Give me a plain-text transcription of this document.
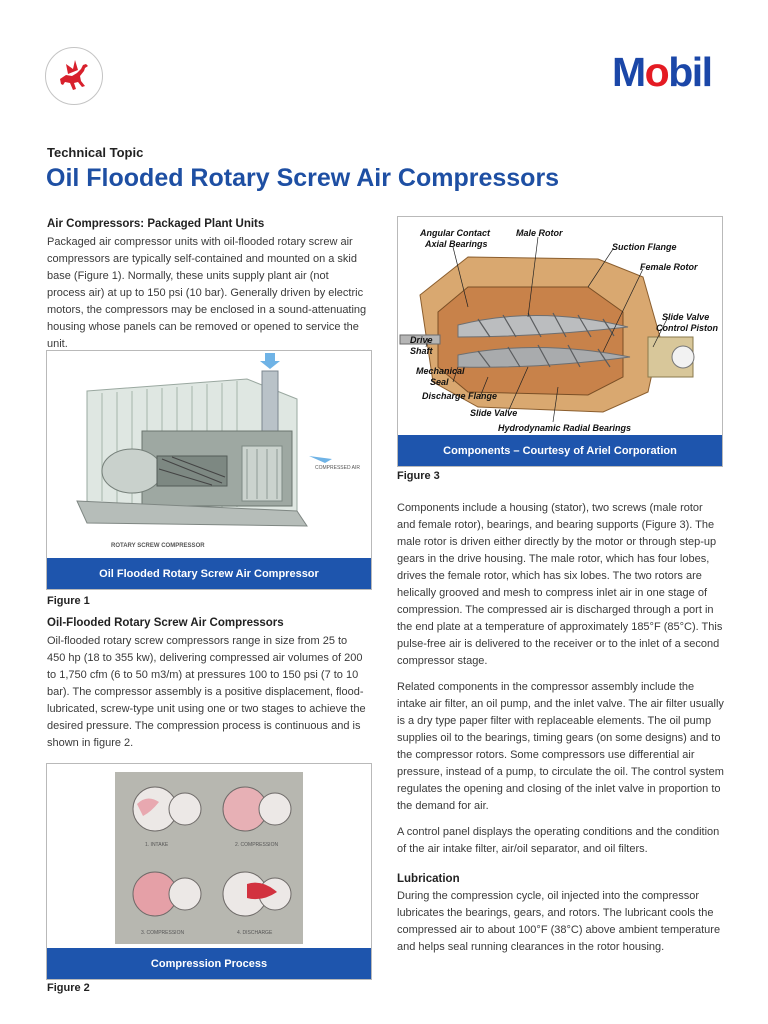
Mobil
Technical Topic
Oil Flooded Rotary Screw Air Compressors
Air Compressors: Packaged Plant Units

Packaged air compressor units with oil-flooded rotary screw air compressors are typically self-contained and mounted on a skid base (Figure 1). Normally, these units supply plant air (not process air) at up to 150 psi (10 bar). Generally driven by electric motors, the compressors may be enclosed in a sound-attenuating housing whose panels can be removed or opened to service the unit.

COMPRESSED AIR
ROTARY SCREW COMPRESSOR
Oil Flooded Rotary Screw Air Compressor
Figure 1
Oil-Flooded Rotary Screw Air Compressors

Oil-flooded rotary screw compressors range in size from 25 to 450 hp (18 to 355 kw), delivering compressed air volumes of 200 to 1,750 cfm (6 to 50 m3/m) at pressures 100 to 150 psi (7 to 10 bar). The compressor assembly is a positive displacement, flood- lubricated, screw-type unit using one or two stages to achieve the desired pressure. The compression process is continuous and is shown in figure 2.

1. INTAKE	2. COMPRESSION
3. COMPRESSION	4. DISCHARGE
Compression Process
Figure 2
Angular Contact
Axial Bearings
Male Rotor
Suction Flange
Female Rotor
Slide Valve
Control Piston
Drive
Shaft
Mechanical
Seal
Discharge Flange
Slide Valve
Hydrodynamic Radial Bearings
Components – Courtesy of Ariel Corporation
Figure 3

Components include a housing (stator), two screws (male rotor and female rotor), bearings, and bearing supports (Figure 3). The male rotor is driven either directly by the motor or through step-up gears in the drive housing. The male rotor, which has four lobes, drives the female rotor, which has six lobes. The two rotors are helically grooved and mesh to compress inlet air in one stage of compression. The compressed air is discharged through a port in the end plate at a temperature of approximately 185°F (85°C). This pulse-free air is delivered to the receiver or to the inlet of a second compressor stage.

Related components in the compressor assembly include the intake air filter, an oil pump, and the inlet valve. The air filter usually is a dry type paper filter with replaceable elements. The oil pump supplies oil to the bearings, timing gears (on some designs) and to the compressor rotors. Some compressors use differential air pressure, instead of a pump, to circulate the oil. The control system regulates the opening and closing of the inlet valve in proportion to the demand for air.

A control panel displays the operating conditions and the condition of the air intake filter, air/oil separator, and oil filters.

Lubrication

During the compression cycle, oil injected into the compressor lubricates the bearings, gears, and rotors. The lubricant cools the compressed air to about 100°F (38°C) above ambient temperature and helps seal running clearances in the rotor housing.
